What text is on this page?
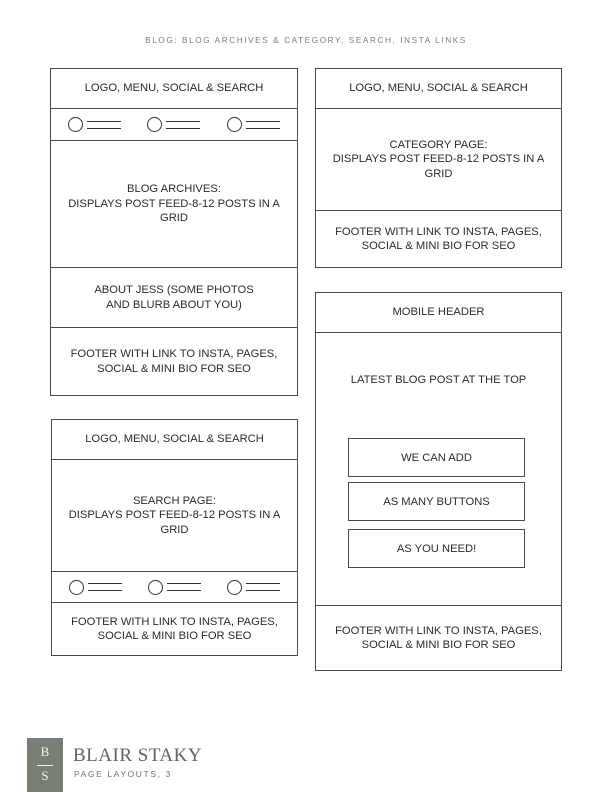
BLOG: BLOG ARCHIVES & CATEGORY, SEARCH, INSTA LINKS
LOGO, MENU, SOCIAL & SEARCH
BLOG ARCHIVES:
DISPLAYS POST FEED-8-12 POSTS IN A GRID
ABOUT JESS (SOME PHOTOS AND BLURB ABOUT YOU)
FOOTER WITH LINK TO INSTA, PAGES, SOCIAL & MINI BIO FOR SEO
LOGO, MENU, SOCIAL & SEARCH
SEARCH PAGE:
DISPLAYS POST FEED-8-12 POSTS IN A GRID
FOOTER WITH LINK TO INSTA, PAGES, SOCIAL & MINI BIO FOR SEO
LOGO, MENU, SOCIAL & SEARCH
CATEGORY PAGE:
DISPLAYS POST FEED-8-12 POSTS IN A GRID
FOOTER WITH LINK TO INSTA, PAGES, SOCIAL & MINI BIO FOR SEO
MOBILE HEADER
LATEST BLOG POST AT THE TOP
WE CAN ADD
AS MANY BUTTONS
AS YOU NEED!
FOOTER WITH LINK TO INSTA, PAGES, SOCIAL & MINI BIO FOR SEO
B
S
BLAIR STAKY
PAGE LAYOUTS, 3
